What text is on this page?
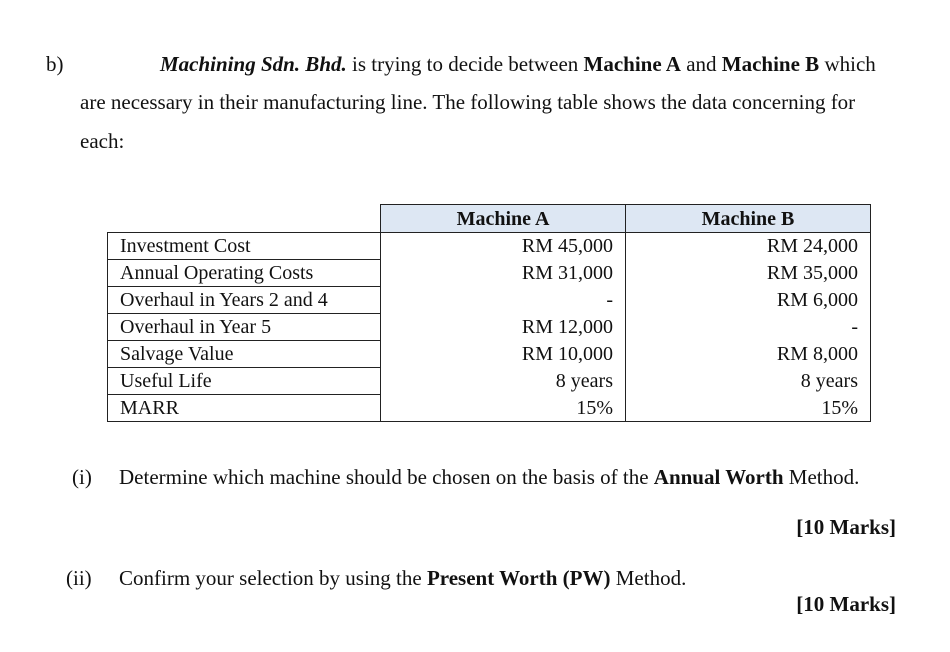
b)	Machining Sdn. Bhd. is trying to decide between Machine A and Machine B which
are necessary in their manufacturing line. The following table shows the data concerning for
each:
	Machine A	Machine B
Investment Cost	RM 45,000	RM 24,000
Annual Operating Costs	RM 31,000	RM 35,000
Overhaul in Years 2 and 4	-	RM 6,000
Overhaul in Year 5	RM 12,000	-
Salvage Value	RM 10,000	RM 8,000
Useful Life	8 years	8 years
MARR	15%	15%
(i) Determine which machine should be chosen on the basis of the Annual Worth Method.
[10 Marks]
(ii) Confirm your selection by using the Present Worth (PW) Method.
[10 Marks]
